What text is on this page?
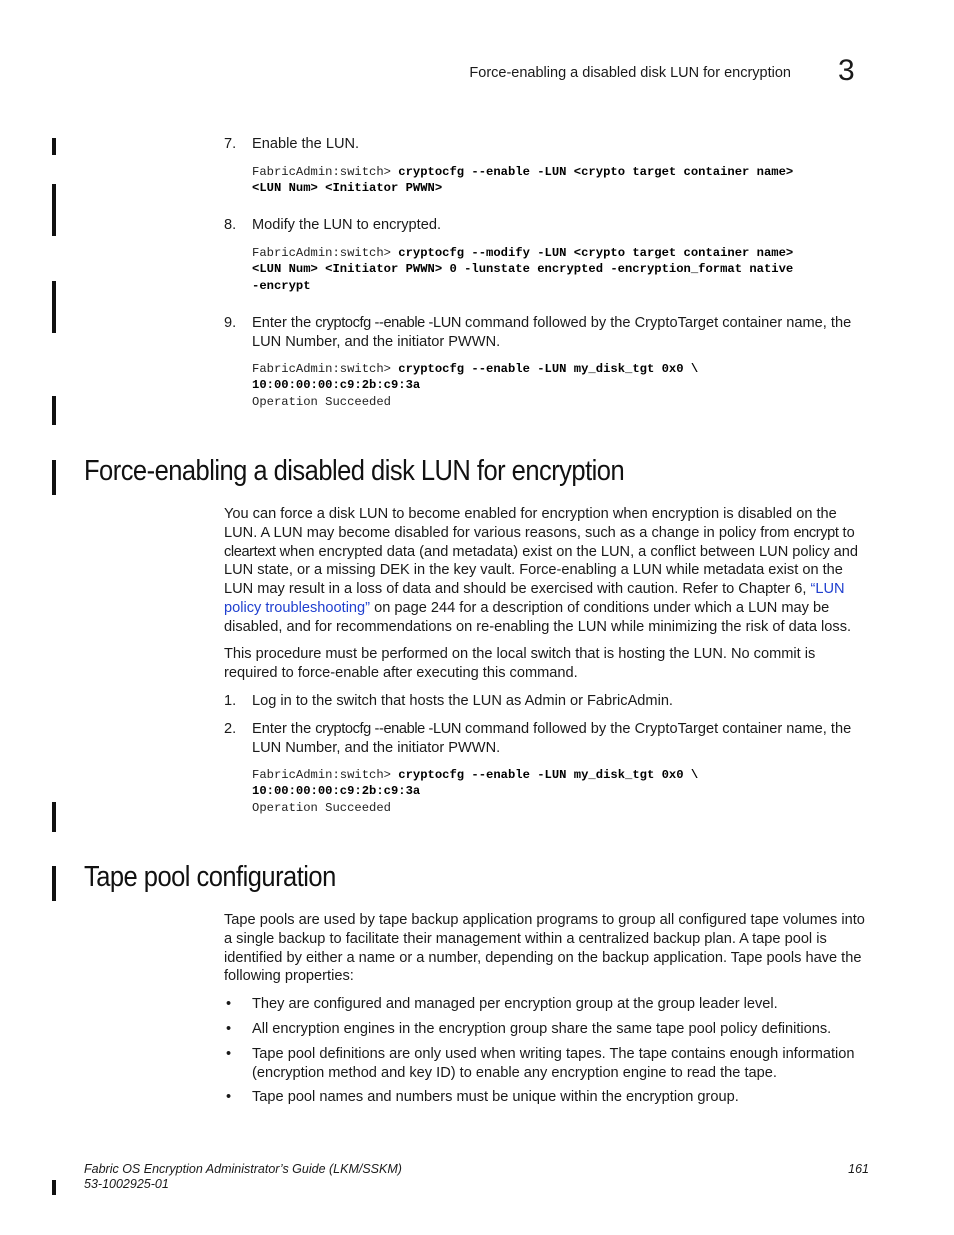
Force-enabling a disabled disk LUN for encryption 3
7. Enable the LUN.
FabricAdmin:switch> cryptocfg --enable -LUN <crypto target container name>
<LUN Num> <Initiator PWWN>
8. Modify the LUN to encrypted.
FabricAdmin:switch> cryptocfg --modify -LUN <crypto target container name>
<LUN Num> <Initiator PWWN> 0 -lunstate encrypted -encryption_format native
-encrypt
9. Enter the cryptocfg --enable -LUN command followed by the CryptoTarget container name, the LUN Number, and the initiator PWWN.
FabricAdmin:switch> cryptocfg --enable -LUN my_disk_tgt 0x0 \
10:00:00:00:c9:2b:c9:3a
Operation Succeeded
Force-enabling a disabled disk LUN for encryption
You can force a disk LUN to become enabled for encryption when encryption is disabled on the LUN. A LUN may become disabled for various reasons, such as a change in policy from encrypt to cleartext when encrypted data (and metadata) exist on the LUN, a conflict between LUN policy and LUN state, or a missing DEK in the key vault. Force-enabling a LUN while metadata exist on the LUN may result in a loss of data and should be exercised with caution. Refer to Chapter 6, “LUN policy troubleshooting” on page 244 for a description of conditions under which a LUN may be disabled, and for recommendations on re-enabling the LUN while minimizing the risk of data loss.
This procedure must be performed on the local switch that is hosting the LUN. No commit is required to force-enable after executing this command.
1. Log in to the switch that hosts the LUN as Admin or FabricAdmin.
2. Enter the cryptocfg --enable -LUN command followed by the CryptoTarget container name, the LUN Number, and the initiator PWWN.
FabricAdmin:switch> cryptocfg --enable -LUN my_disk_tgt 0x0 \
10:00:00:00:c9:2b:c9:3a
Operation Succeeded
Tape pool configuration
Tape pools are used by tape backup application programs to group all configured tape volumes into a single backup to facilitate their management within a centralized backup plan. A tape pool is identified by either a name or a number, depending on the backup application. Tape pools have the following properties:
• They are configured and managed per encryption group at the group leader level.
• All encryption engines in the encryption group share the same tape pool policy definitions.
• Tape pool definitions are only used when writing tapes. The tape contains enough information (encryption method and key ID) to enable any encryption engine to read the tape.
• Tape pool names and numbers must be unique within the encryption group.
Fabric OS Encryption Administrator’s Guide (LKM/SSKM)
53-1002925-01
161
